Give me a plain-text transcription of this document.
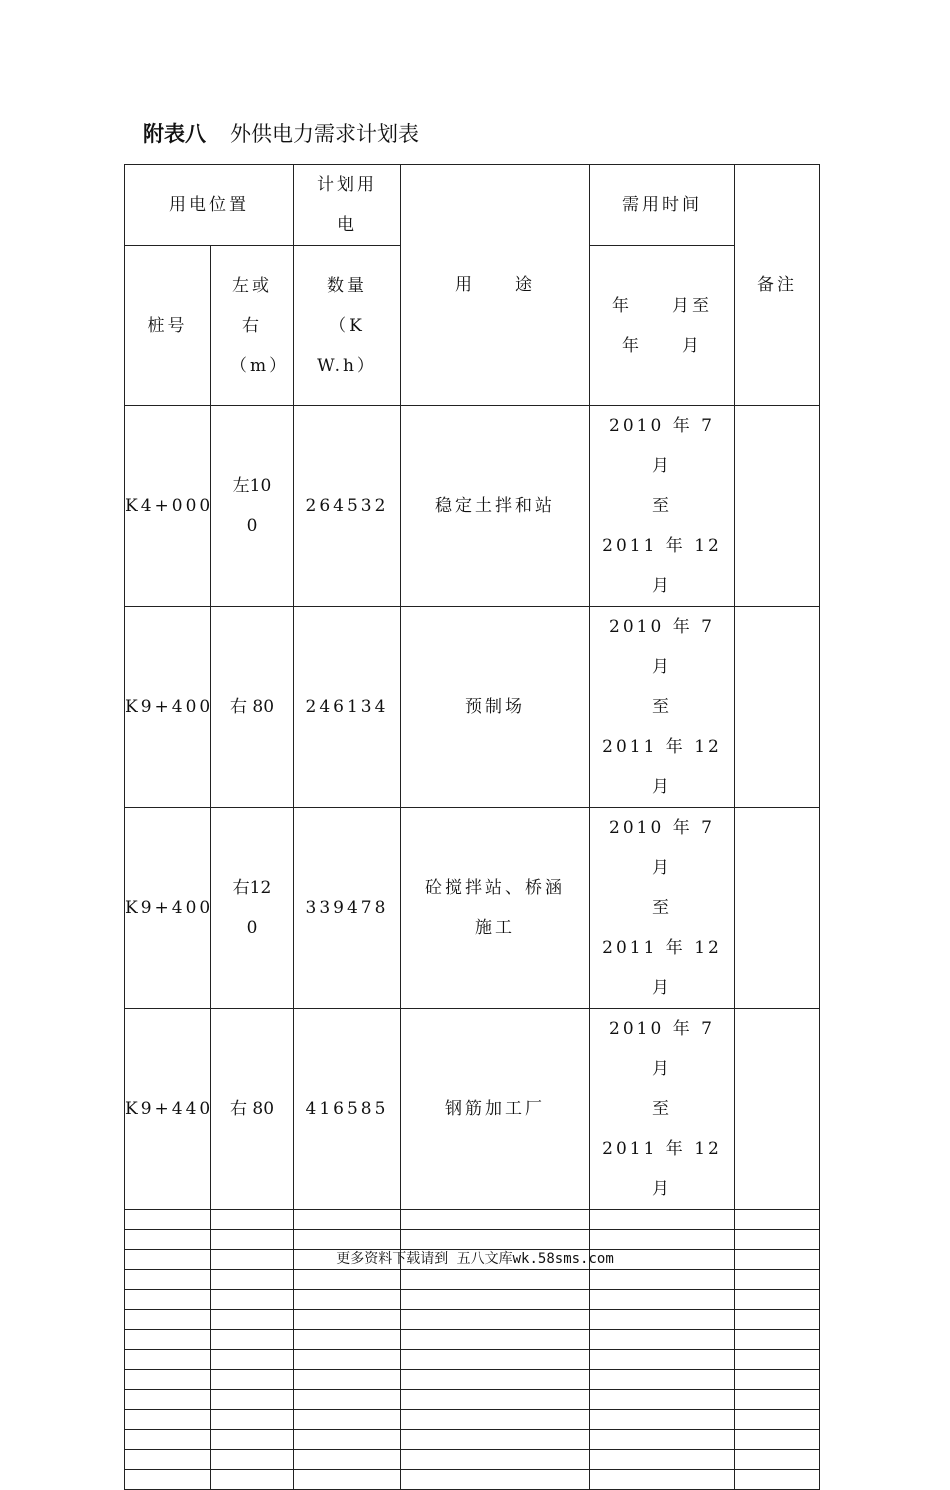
附表八 外供电力需求计划表
用电位置		计划用电	用　　途	需用时间	备注
桩号	左或右（m）	数量（KW.h）		年　　月至
年　　月	

K4+000	左100	264532	稳定土拌和站	2010 年 7　月
至
2011 年 12 月	

K9+400	右 80	246134	预制场	2010 年 7　月
至
2011 年 12 月	

K9+400	右120	339478	砼搅拌站、桥涵施工	2010 年 7　月
至
2011 年 12 月	

K9+440	右 80	416585	钢筋加工厂	2010 年 7　月
至
2011 年 12 月	

更多资料下载请到 五八文库wk.58sms.com
